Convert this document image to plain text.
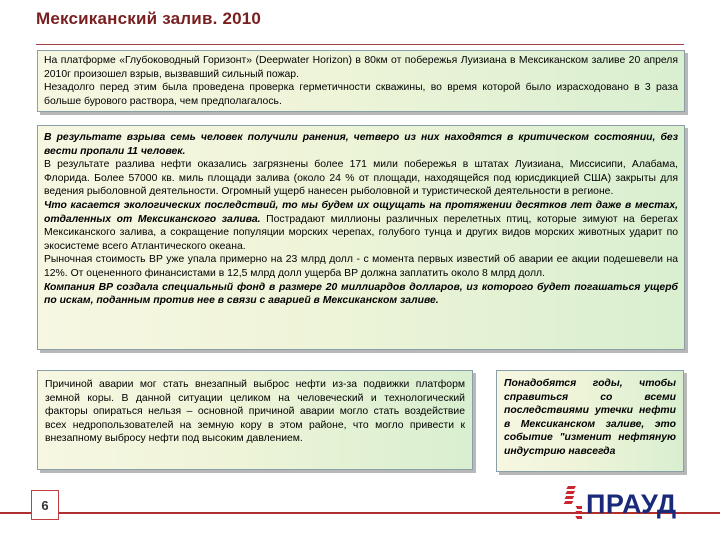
Мексиканский залив. 2010

На платформе «Глубоководный Горизонт» (Deepwater Horizon) в 80км от побережья Луизиана в Мексиканском заливе 20 апреля 2010г произошел взрыв, вызвавший сильный пожар.

Незадолго перед этим была проведена проверка герметичности скважины, во время которой было израсходовано в 3 раза больше бурового раствора, чем предполагалось.

В результате взрыва семь человек получили ранения, четверо из них находятся в критическом состоянии, без вести пропали 11 человек.

В результате разлива нефти оказались загрязнены более 171 мили побережья в штатах Луизиана, Миссисипи, Алабама, Флорида. Более 57000 кв. миль площади залива (около 24 % от площади, находящейся под юрисдикцией США) закрыты для ведения рыболовной деятельности. Огромный ущерб нанесен рыболовной и туристической деятельности в регионе.

Что касается экологических последствий, то мы будем их ощущать на протяжении десятков лет даже в местах, отдаленных от Мексиканского залива. Пострадают миллионы различных перелетных птиц, которые зимуют на берегах Мексиканского залива, а сокращение популяции морских черепах, голубого тунца и других видов морских животных ударит по экосистеме всего Атлантического океана.

Рыночная стоимость BP уже упала примерно на 23 млрд долл - с момента первых известий об аварии ее акции подешевели на 12%. От оцененного финансистами в 12,5 млрд долл ущерба BP должна заплатить около 8 млрд долл.

Компания BP создала специальный фонд в размере 20 миллиардов долларов, из которого будет погашаться ущерб по искам, поданным против нее в связи с аварией в Мексиканском заливе.

Причиной аварии мог стать внезапный выброс нефти из-за подвижки платформ земной коры. В данной ситуации целиком на человеческий и технологический факторы опираться нельзя – основной причиной аварии могло стать воздействие всех недропользователей на земную кору в этом районе, что могло привести к внезапному выбросу нефти под высоким давлением.

Понадобятся годы, чтобы справиться со всеми последствиями утечки нефти в Мексиканском заливе, это событие "изменит нефтяную индустрию навсегда

6	ПРАУД
